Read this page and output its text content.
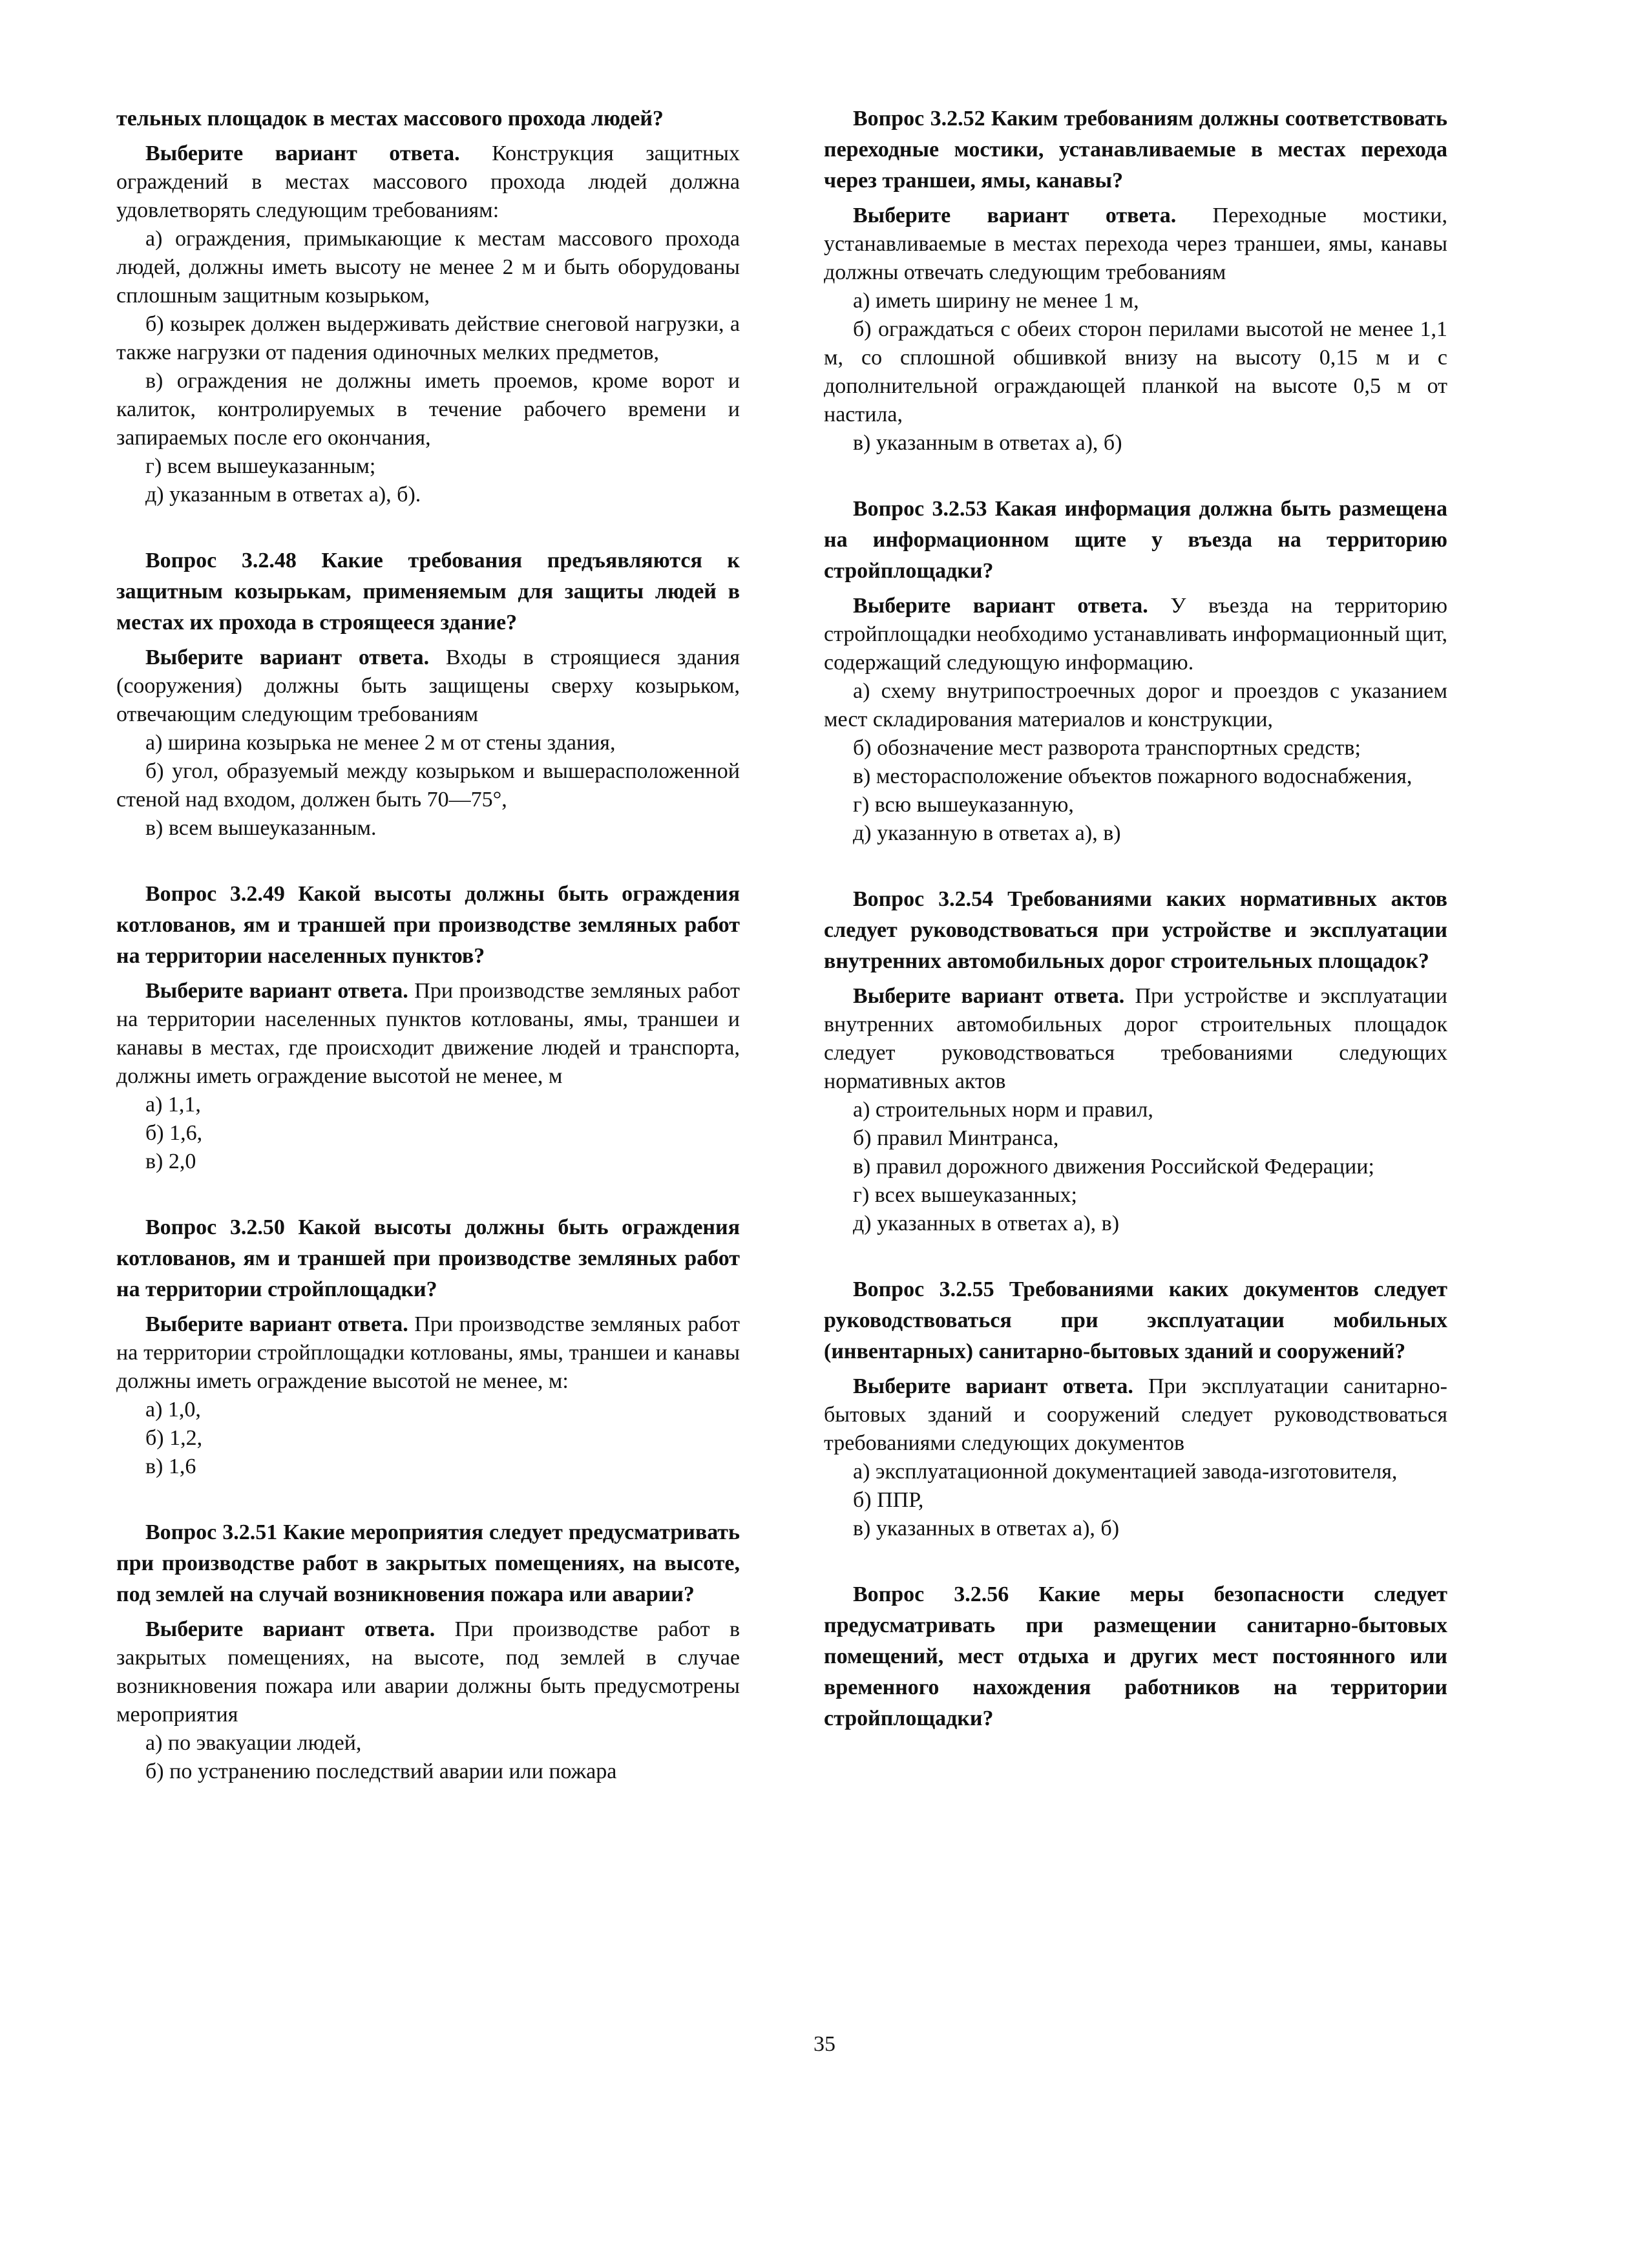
тельных площадок в местах массового прохода людей?

Выберите вариант ответа. Конструкция защитных ограждений в местах массового прохода людей должна удовлетворять следующим требованиям:

а) ограждения, примыкающие к местам массового прохода людей, должны иметь высоту не менее 2 м и быть оборудованы сплошным защитным козырьком,

б) козырек должен выдерживать действие снеговой нагрузки, а также нагрузки от падения одиночных мелких предметов,

в) ограждения не должны иметь проемов, кроме ворот и калиток, контролируемых в течение рабочего времени и запираемых после его окончания,

г) всем вышеуказанным;

д) указанным в ответах а), б).

Вопрос 3.2.48 Какие требования предъявляются к защитным козырькам, применяемым для защиты людей в местах их прохода в строящееся здание?

Выберите вариант ответа. Входы в строящиеся здания (сооружения) должны быть защищены сверху козырьком, отвечающим следующим требованиям

а) ширина козырька не менее 2 м от стены здания,

б) угол, образуемый между козырьком и вышерасположенной стеной над входом, должен быть 70—75°,

в) всем вышеуказанным.

Вопрос 3.2.49 Какой высоты должны быть ограждения котлованов, ям и траншей при производстве земляных работ на территории населенных пунктов?

Выберите вариант ответа. При производстве земляных работ на территории населенных пунктов котлованы, ямы, траншеи и канавы в местах, где происходит движение людей и транспорта, должны иметь ограждение высотой не менее, м

а) 1,1,

б) 1,6,

в) 2,0

Вопрос 3.2.50 Какой высоты должны быть ограждения котлованов, ям и траншей при производстве земляных работ на территории стройплощадки?

Выберите вариант ответа. При производстве земляных работ на территории стройплощадки котлованы, ямы, траншеи и канавы должны иметь ограждение высотой не менее, м:

а) 1,0,

б) 1,2,

в) 1,6

Вопрос 3.2.51 Какие мероприятия следует предусматривать при производстве работ в закрытых помещениях, на высоте, под землей на случай возникновения пожара или аварии?

Выберите вариант ответа. При производстве работ в закрытых помещениях, на высоте, под землей в случае возникновения пожара или аварии должны быть предусмотрены мероприятия

а) по эвакуации людей,

б) по устранению последствий аварии или пожара

Вопрос 3.2.52 Каким требованиям должны соответствовать переходные мостики, устанавливаемые в местах перехода через траншеи, ямы, канавы?

Выберите вариант ответа. Переходные мостики, устанавливаемые в местах перехода через траншеи, ямы, канавы должны отвечать следующим требованиям

а) иметь ширину не менее 1 м,

б) ограждаться с обеих сторон перилами высотой не менее 1,1 м, со сплошной обшивкой внизу на высоту 0,15 м и с дополнительной ограждающей планкой на высоте 0,5 м от настила,

в) указанным в ответах а), б)

Вопрос 3.2.53 Какая информация должна быть размещена на информационном щите у въезда на территорию стройплощадки?

Выберите вариант ответа. У въезда на территорию стройплощадки необходимо устанавливать информационный щит, содержащий следующую информацию.

а) схему внутрипостроечных дорог и проездов с указанием мест складирования материалов и конструкции,

б) обозначение мест разворота транспортных средств;

в) месторасположение объектов пожарного водоснабжения,

г) всю вышеуказанную,

д) указанную в ответах а), в)

Вопрос 3.2.54 Требованиями каких нормативных актов следует руководствоваться при устройстве и эксплуатации внутренних автомобильных дорог строительных площадок?

Выберите вариант ответа. При устройстве и эксплуатации внутренних автомобильных дорог строительных площадок следует руководствоваться требованиями следующих нормативных актов

а) строительных норм и правил,

б) правил Минтранса,

в) правил дорожного движения Российской Федерации;

г) всех вышеуказанных;

д) указанных в ответах а), в)

Вопрос 3.2.55 Требованиями каких документов следует руководствоваться при эксплуатации мобильных (инвентарных) санитарно-бытовых зданий и сооружений?

Выберите вариант ответа. При эксплуатации санитарно-бытовых зданий и сооружений следует руководствоваться требованиями следующих документов

а) эксплуатационной документацией завода-изготовителя,

б) ППР,

в) указанных в ответах а), б)

Вопрос 3.2.56 Какие меры безопасности следует предусматривать при размещении санитарно-бытовых помещений, мест отдыха и других мест постоянного или временного нахождения работников на территории стройплощадки?

35
